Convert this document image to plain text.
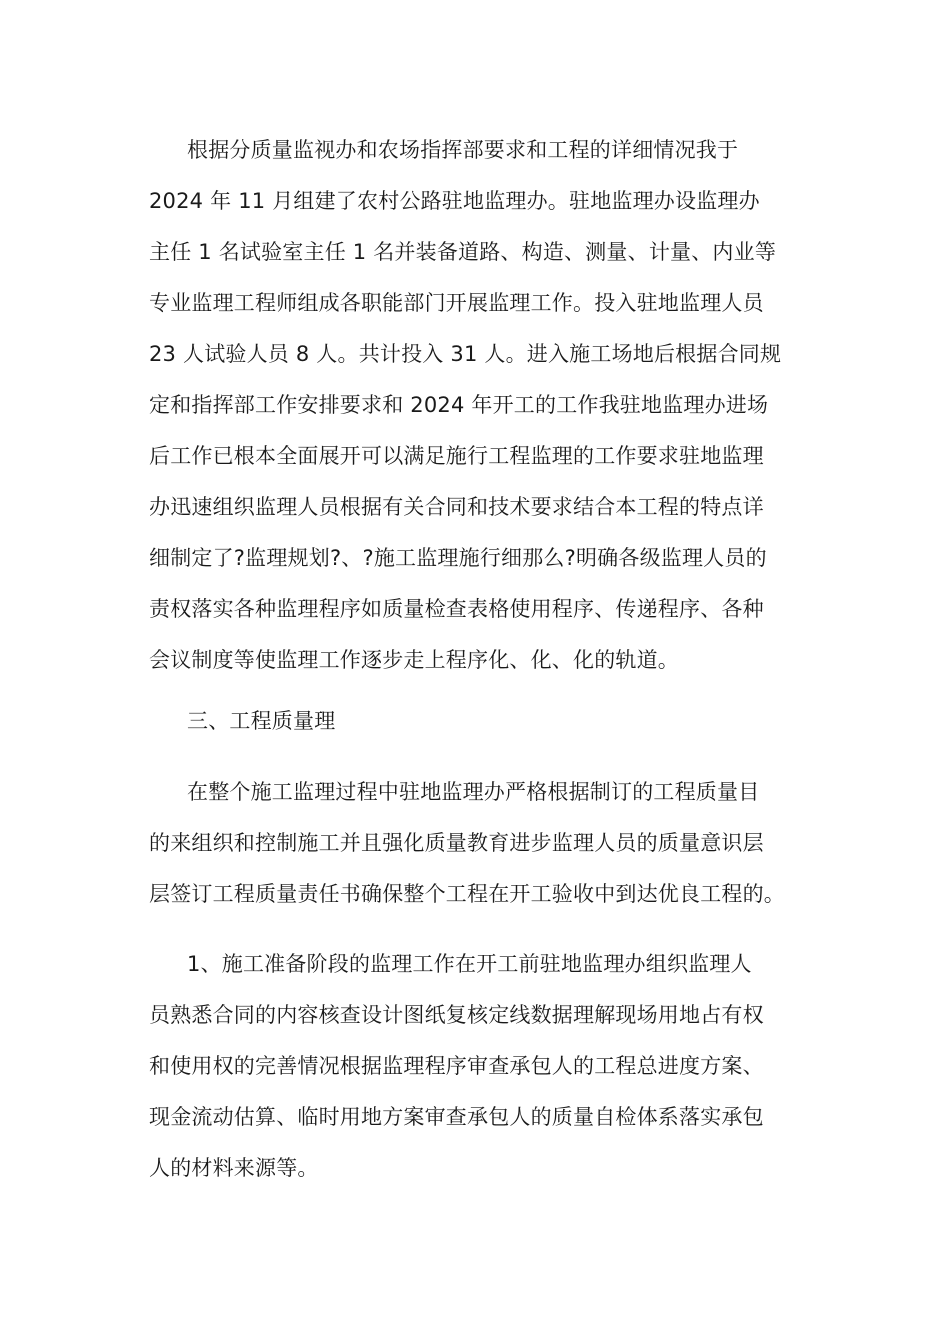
根据分质量监视办和农场指挥部要求和工程的详细情况我于
2024 年 11 月组建了农村公路驻地监理办。驻地监理办设监理办
主任 1 名试验室主任 1 名并装备道路、构造、测量、计量、内业等
专业监理工程师组成各职能部门开展监理工作。投入驻地监理人员
23 人试验人员 8 人。共计投入 31 人。进入施工场地后根据合同规
定和指挥部工作安排要求和 2024 年开工的工作我驻地监理办进场
后工作已根本全面展开可以满足施行工程监理的工作要求驻地监理
办迅速组织监理人员根据有关合同和技术要求结合本工程的特点详
细制定了?监理规划?、?施工监理施行细那么?明确各级监理人员的
责权落实各种监理程序如质量检查表格使用程序、传递程序、各种
会议制度等使监理工作逐步走上程序化、化、化的轨道。
三、工程质量理
在整个施工监理过程中驻地监理办严格根据制订的工程质量目
的来组织和控制施工并且强化质量教育进步监理人员的质量意识层
层签订工程质量责任书确保整个工程在开工验收中到达优良工程的。
1、施工准备阶段的监理工作在开工前驻地监理办组织监理人
员熟悉合同的内容核查设计图纸复核定线数据理解现场用地占有权
和使用权的完善情况根据监理程序审查承包人的工程总进度方案、
现金流动估算、临时用地方案审查承包人的质量自检体系落实承包
人的材料来源等。
